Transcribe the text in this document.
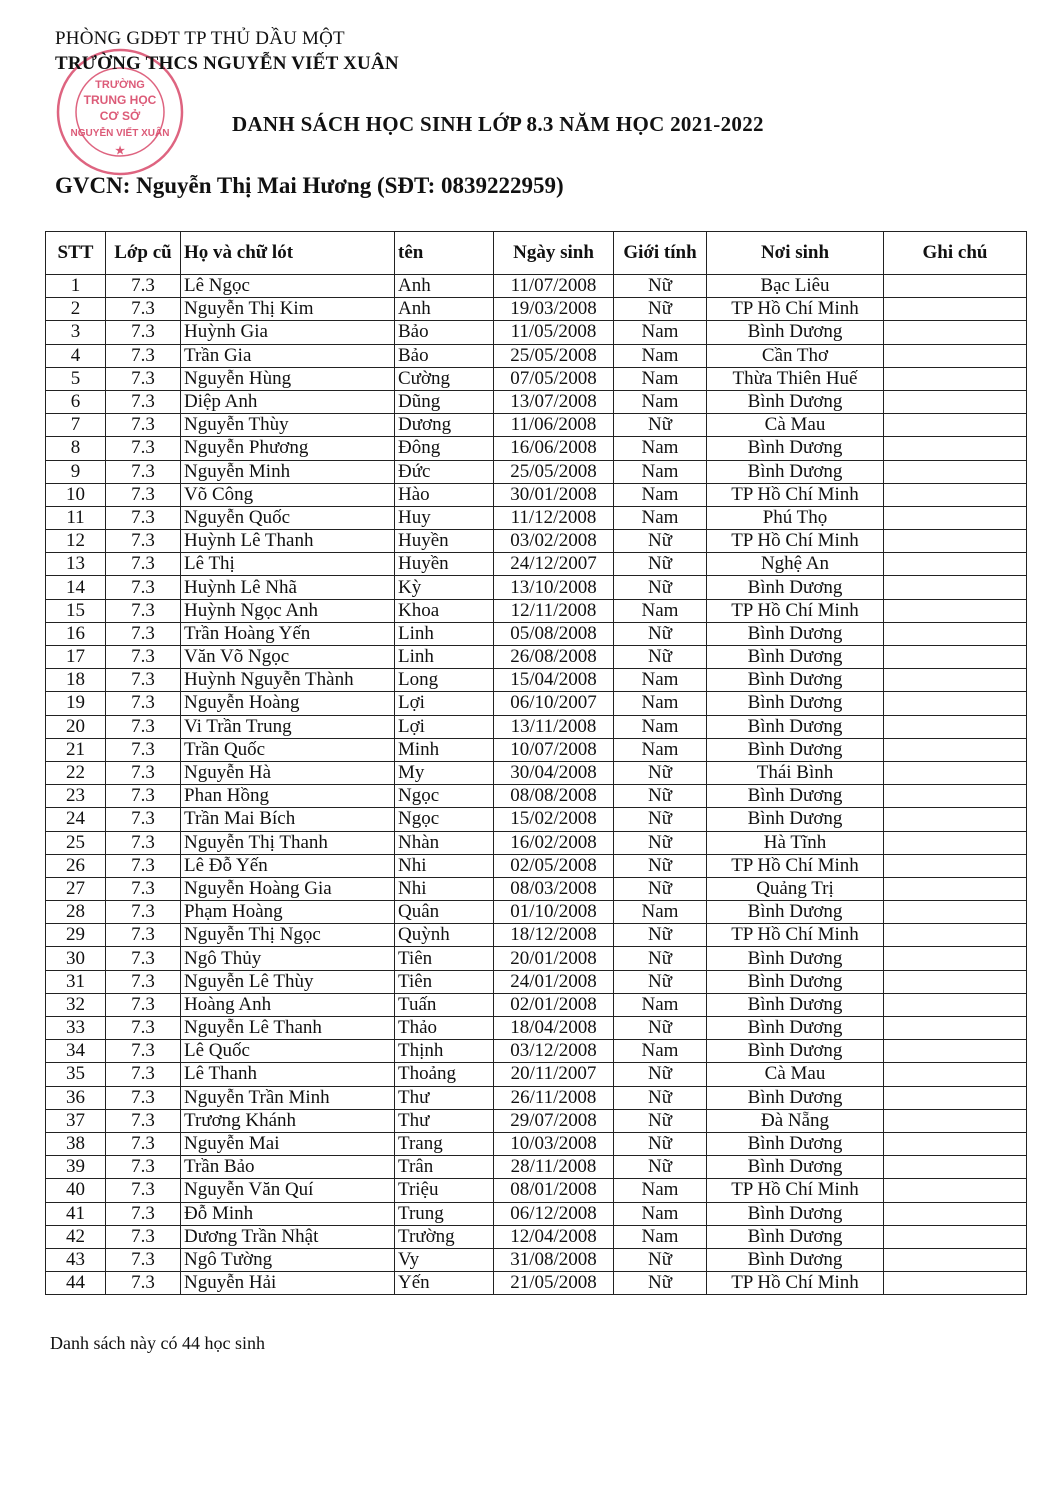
TRƯỜNG
TRUNG HỌC
CƠ SỞ
NGUYỄN VIẾT XUÂN
★
PHÒNG GDĐT TP THỦ DẦU MỘT
TRƯỜNG THCS NGUYỄN VIẾT XUÂN
DANH SÁCH HỌC SINH LỚP 8.3 NĂM HỌC 2021-2022
GVCN: Nguyễn Thị Mai Hương (SĐT: 0839222959)
STT	Lớp cũ	Họ và chữ lót	tên	Ngày sinh	Giới tính	Nơi sinh	Ghi chú
1	7.3	Lê Ngọc	Anh	11/07/2008	Nữ	Bạc Liêu	
2	7.3	Nguyễn Thị Kim	Anh	19/03/2008	Nữ	TP Hồ Chí Minh	
3	7.3	Huỳnh Gia	Bảo	11/05/2008	Nam	Bình Dương	
4	7.3	Trần Gia	Bảo	25/05/2008	Nam	Cần Thơ	
5	7.3	Nguyễn Hùng	Cường	07/05/2008	Nam	Thừa Thiên Huế	
6	7.3	Diệp Anh	Dũng	13/07/2008	Nam	Bình Dương	
7	7.3	Nguyễn Thùy	Dương	11/06/2008	Nữ	Cà Mau	
8	7.3	Nguyễn Phương	Đông	16/06/2008	Nam	Bình Dương	
9	7.3	Nguyễn Minh	Đức	25/05/2008	Nam	Bình Dương	
10	7.3	Võ Công	Hào	30/01/2008	Nam	TP Hồ Chí Minh	
11	7.3	Nguyễn Quốc	Huy	11/12/2008	Nam	Phú Thọ	
12	7.3	Huỳnh Lê Thanh	Huyền	03/02/2008	Nữ	TP Hồ Chí Minh	
13	7.3	Lê Thị	Huyền	24/12/2007	Nữ	Nghệ An	
14	7.3	Huỳnh Lê Nhã	Kỳ	13/10/2008	Nữ	Bình Dương	
15	7.3	Huỳnh Ngọc Anh	Khoa	12/11/2008	Nam	TP Hồ Chí Minh	
16	7.3	Trần Hoàng Yến	Linh	05/08/2008	Nữ	Bình Dương	
17	7.3	Văn Võ Ngọc	Linh	26/08/2008	Nữ	Bình Dương	
18	7.3	Huỳnh Nguyễn Thành	Long	15/04/2008	Nam	Bình Dương	
19	7.3	Nguyễn Hoàng	Lợi	06/10/2007	Nam	Bình Dương	
20	7.3	Vi Trần Trung	Lợi	13/11/2008	Nam	Bình Dương	
21	7.3	Trần Quốc	Minh	10/07/2008	Nam	Bình Dương	
22	7.3	Nguyễn Hà	My	30/04/2008	Nữ	Thái Bình	
23	7.3	Phan Hồng	Ngọc	08/08/2008	Nữ	Bình Dương	
24	7.3	Trần Mai Bích	Ngọc	15/02/2008	Nữ	Bình Dương	
25	7.3	Nguyễn Thị Thanh	Nhàn	16/02/2008	Nữ	Hà Tĩnh	
26	7.3	Lê Đỗ Yến	Nhi	02/05/2008	Nữ	TP Hồ Chí Minh	
27	7.3	Nguyễn Hoàng Gia	Nhi	08/03/2008	Nữ	Quảng Trị	
28	7.3	Phạm Hoàng	Quân	01/10/2008	Nam	Bình Dương	
29	7.3	Nguyễn Thị Ngọc	Quỳnh	18/12/2008	Nữ	TP Hồ Chí Minh	
30	7.3	Ngô Thủy	Tiên	20/01/2008	Nữ	Bình Dương	
31	7.3	Nguyễn Lê Thùy	Tiên	24/01/2008	Nữ	Bình Dương	
32	7.3	Hoàng Anh	Tuấn	02/01/2008	Nam	Bình Dương	
33	7.3	Nguyễn Lê Thanh	Thảo	18/04/2008	Nữ	Bình Dương	
34	7.3	Lê Quốc	Thịnh	03/12/2008	Nam	Bình Dương	
35	7.3	Lê Thanh	Thoảng	20/11/2007	Nữ	Cà Mau	
36	7.3	Nguyễn Trần Minh	Thư	26/11/2008	Nữ	Bình Dương	
37	7.3	Trương Khánh	Thư	29/07/2008	Nữ	Đà Nẵng	
38	7.3	Nguyễn Mai	Trang	10/03/2008	Nữ	Bình Dương	
39	7.3	Trần Bảo	Trân	28/11/2008	Nữ	Bình Dương	
40	7.3	Nguyễn Văn Quí	Triệu	08/01/2008	Nam	TP Hồ Chí Minh	
41	7.3	Đỗ Minh	Trung	06/12/2008	Nam	Bình Dương	
42	7.3	Dương Trần Nhật	Trường	12/04/2008	Nam	Bình Dương	
43	7.3	Ngô Tường	Vy	31/08/2008	Nữ	Bình Dương	
44	7.3	Nguyễn Hải	Yến	21/05/2008	Nữ	TP Hồ Chí Minh	
Danh sách này có 44 học sinh
